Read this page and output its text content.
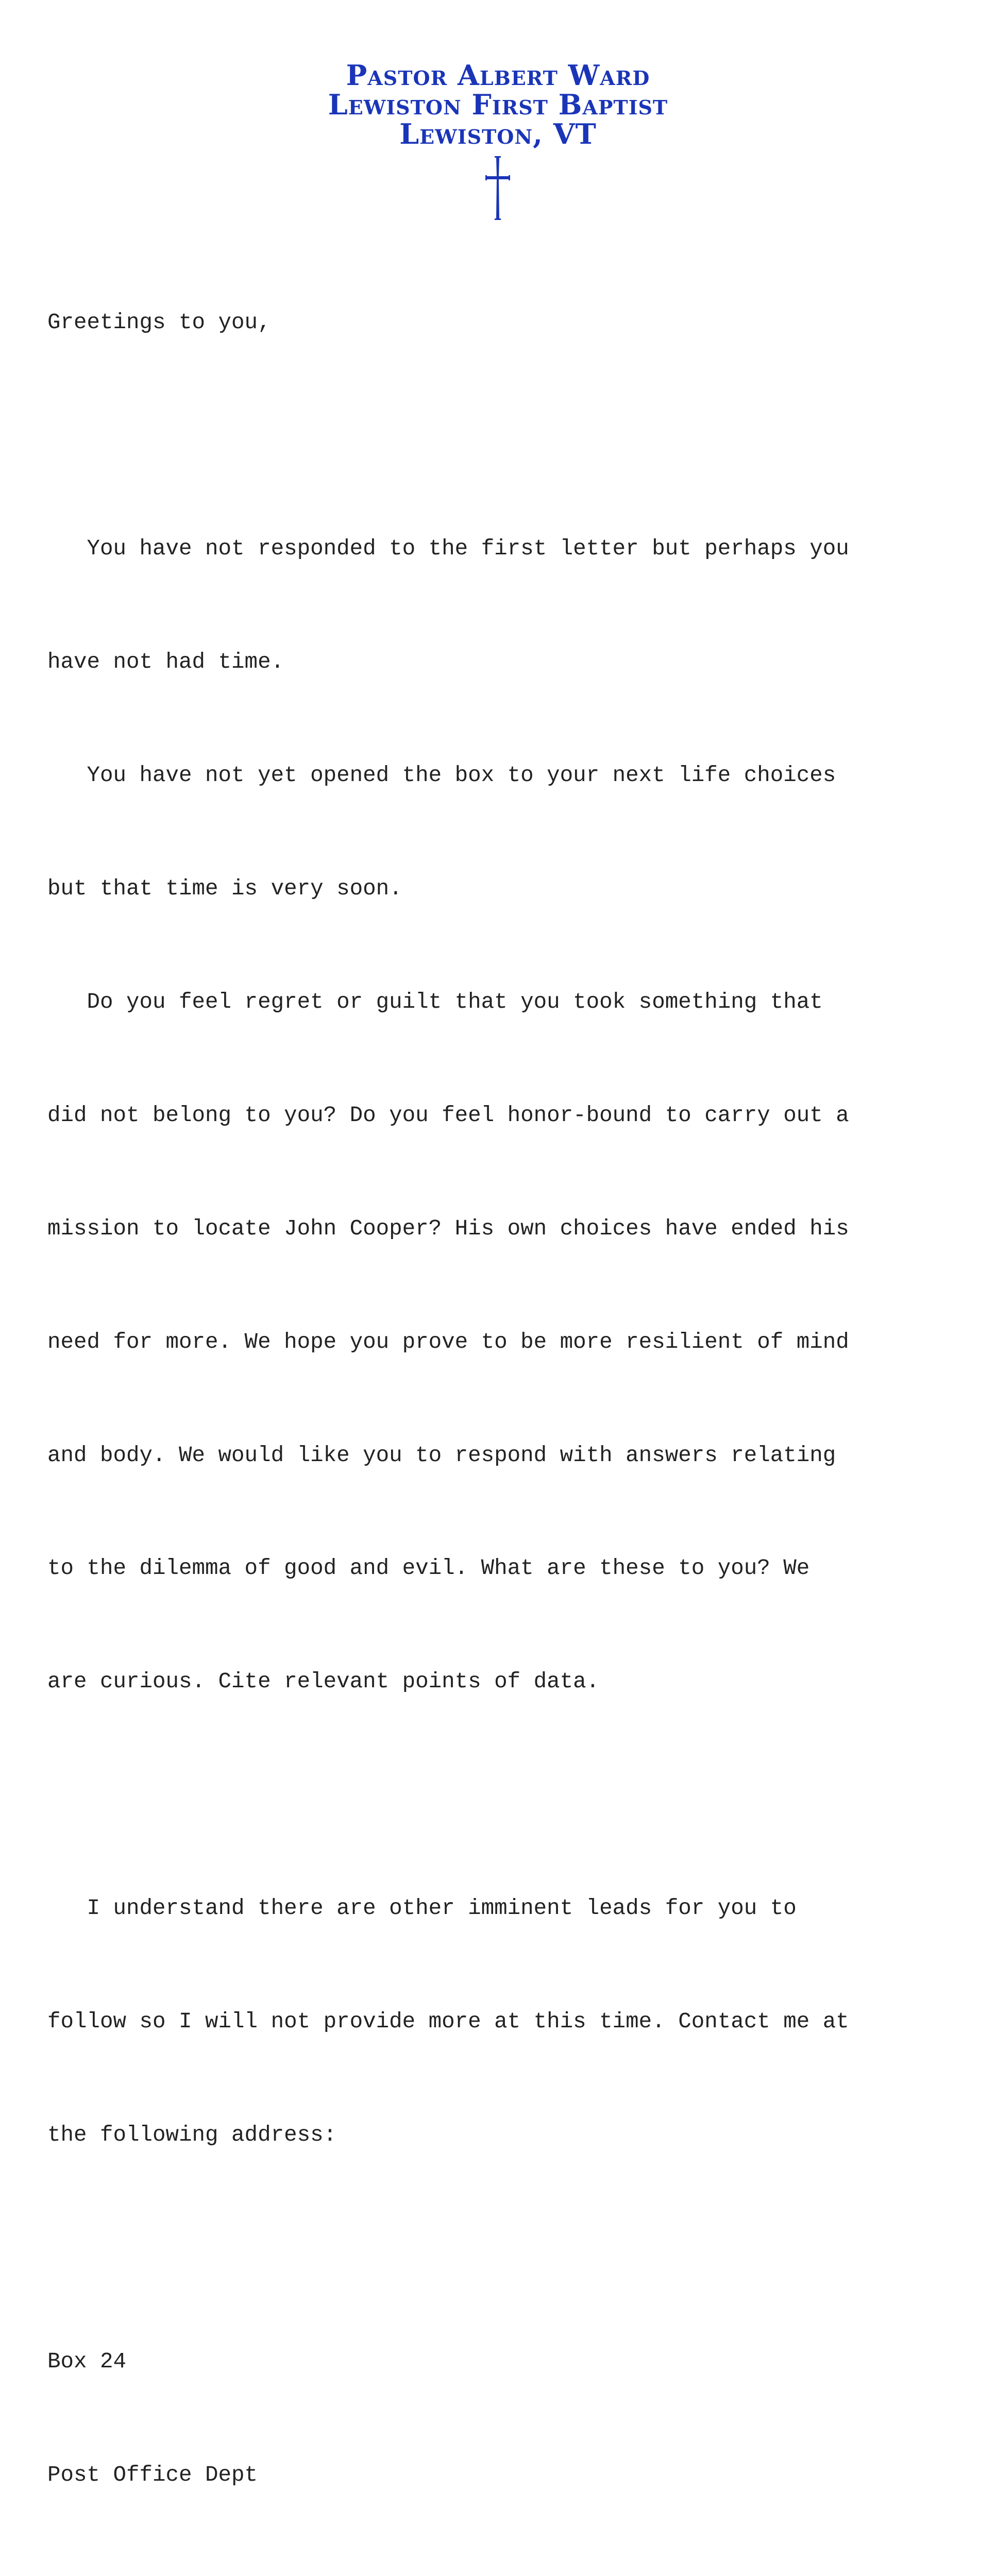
Pastor Albert Ward
Lewiston First Baptist
Lewiston, VT

Greetings to you,

You have not responded to the first letter but perhaps you

have not had time.

You have not yet opened the box to your next life choices

but that time is very soon.

Do you feel regret or guilt that you took something that

did not belong to you? Do you feel honor-bound to carry out a

mission to locate John Cooper? His own choices have ended his

need for more. We hope you prove to be more resilient of mind

and body. We would like you to respond with answers relating

to the dilemma of good and evil. What are these to you? We

are curious. Cite relevant points of data.

I understand there are other imminent leads for you to

follow so I will not provide more at this time. Contact me at

the following address:

Box 24

Post Office Dept
